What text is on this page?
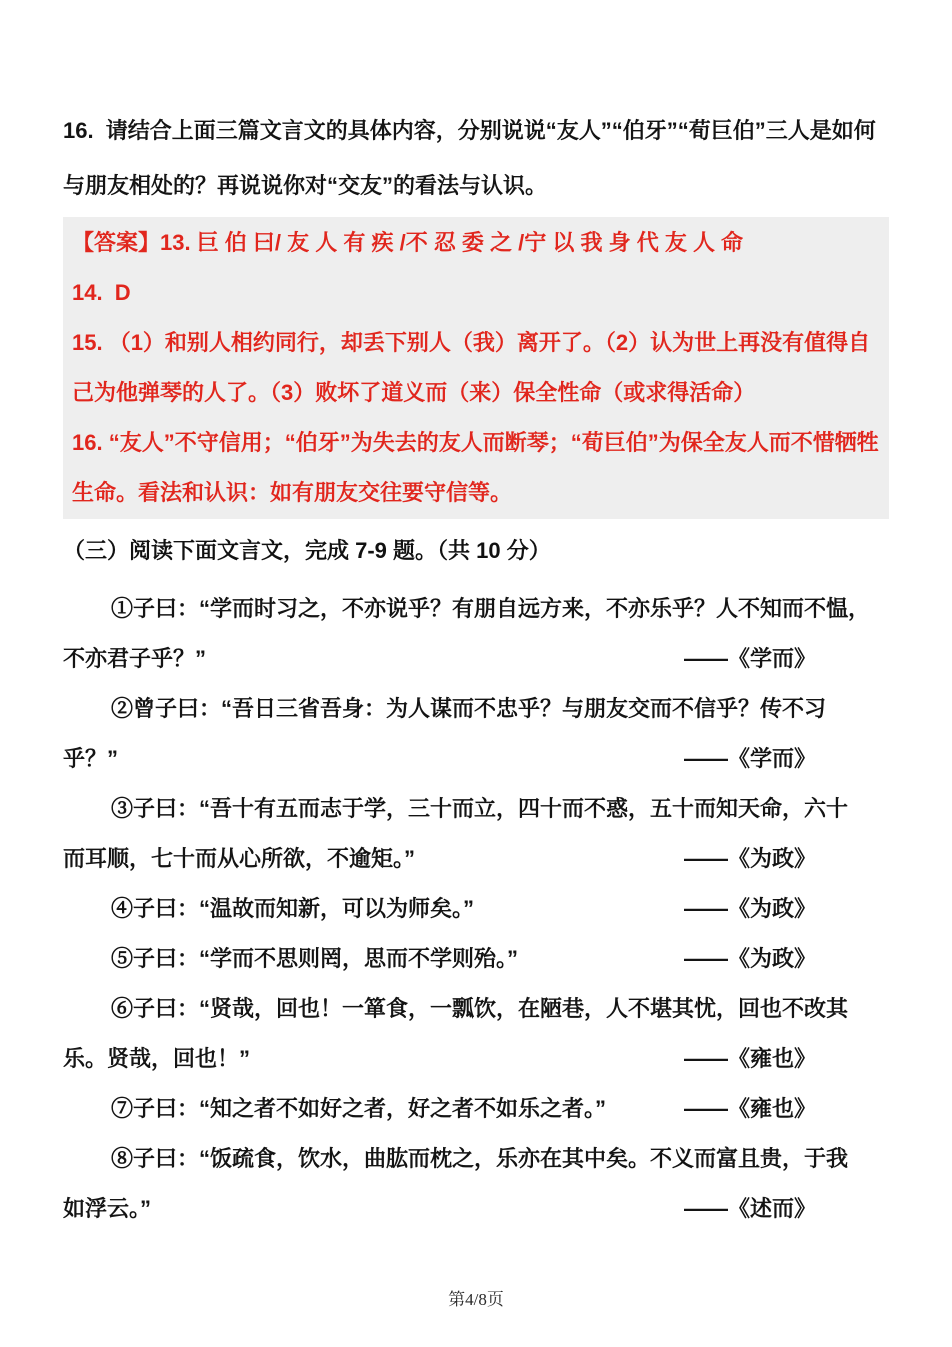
16.  请结合上面三篇文言文的具体内容，分别说说“友人”“伯牙”“荀巨伯”三人是如何与朋友相处的？再说说你对“交友”的看法与认识。

【答案】13. 巨 伯 曰/ 友 人 有 疾 /不 忍 委 之 /宁 以 我 身 代 友 人 命

14.  D

15. （1）和别人相约同行，却丢下别人（我）离开了。（2）认为世上再没有值得自己为他弹琴的人了。（3）败坏了道义而（来）保全性命（或求得活命）

16. “友人”不守信用；“伯牙”为失去的友人而断琴；“荀巨伯”为保全友人而不惜牺牲生命。看法和认识：如有朋友交往要守信等。

（三）阅读下面文言文，完成 7-9 题。（共 10 分）
①子曰：“学而时习之，不亦说乎？有朋自远方来，不亦乐乎？人不知而不愠，
不亦君子乎？”	——《学而》
②曾子曰：“吾日三省吾身：为人谋而不忠乎？与朋友交而不信乎？传不习
乎？”	——《学而》
③子曰：“吾十有五而志于学，三十而立，四十而不惑，五十而知天命，六十
而耳顺，七十而从心所欲，不逾矩。”	——《为政》
④子曰：“温故而知新，可以为师矣。”	——《为政》
⑤子曰：“学而不思则罔，思而不学则殆。”	——《为政》
⑥子曰：“贤哉，回也！一箪食，一瓢饮，在陋巷，人不堪其忧，回也不改其
乐。贤哉，回也！”	——《雍也》
⑦子曰：“知之者不如好之者，好之者不如乐之者。”	——《雍也》
⑧子曰：“饭疏食，饮水，曲肱而枕之，乐亦在其中矣。不义而富且贵，于我
如浮云。”	——《述而》
第4/8页
